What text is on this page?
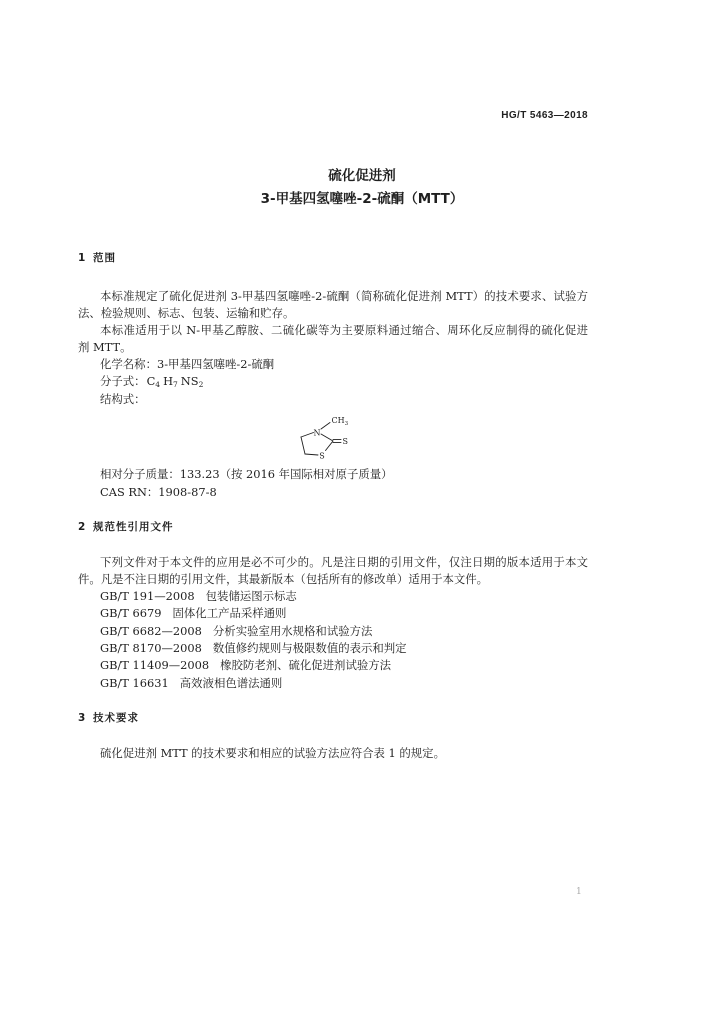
HG/T 5463—2018
硫化促进剂
3-甲基四氢噻唑-2-硫酮（MTT）
1 范围
本标准规定了硫化促进剂 3-甲基四氢噻唑-2-硫酮（简称硫化促进剂 MTT）的技术要求、试验方
法、检验规则、标志、包装、运输和贮存。
本标准适用于以 N-甲基乙醇胺、二硫化碳等为主要原料通过缩合、周环化反应制得的硫化促进
剂 MTT。
化学名称：3-甲基四氢噻唑-2-硫酮
分子式：$C_4$ $H_7$ $NS_2$
结构式：
N
$CH_3$
S
S
相对分子质量：133.23（按 2016 年国际相对原子质量）
CAS RN：1908-87-8
2 规范性引用文件
下列文件对于本文件的应用是必不可少的。凡是注日期的引用文件，仅注日期的版本适用于本文
件。凡是不注日期的引用文件，其最新版本（包括所有的修改单）适用于本文件。
GB/T 191—2008 包装储运图示标志
GB/T 6679 固体化工产品采样通则
GB/T 6682—2008 分析实验室用水规格和试验方法
GB/T 8170—2008 数值修约规则与极限数值的表示和判定
GB/T 11409—2008 橡胶防老剂、硫化促进剂试验方法
GB/T 16631 高效液相色谱法通则
3 技术要求
硫化促进剂 MTT 的技术要求和相应的试验方法应符合表 1 的规定。
1
